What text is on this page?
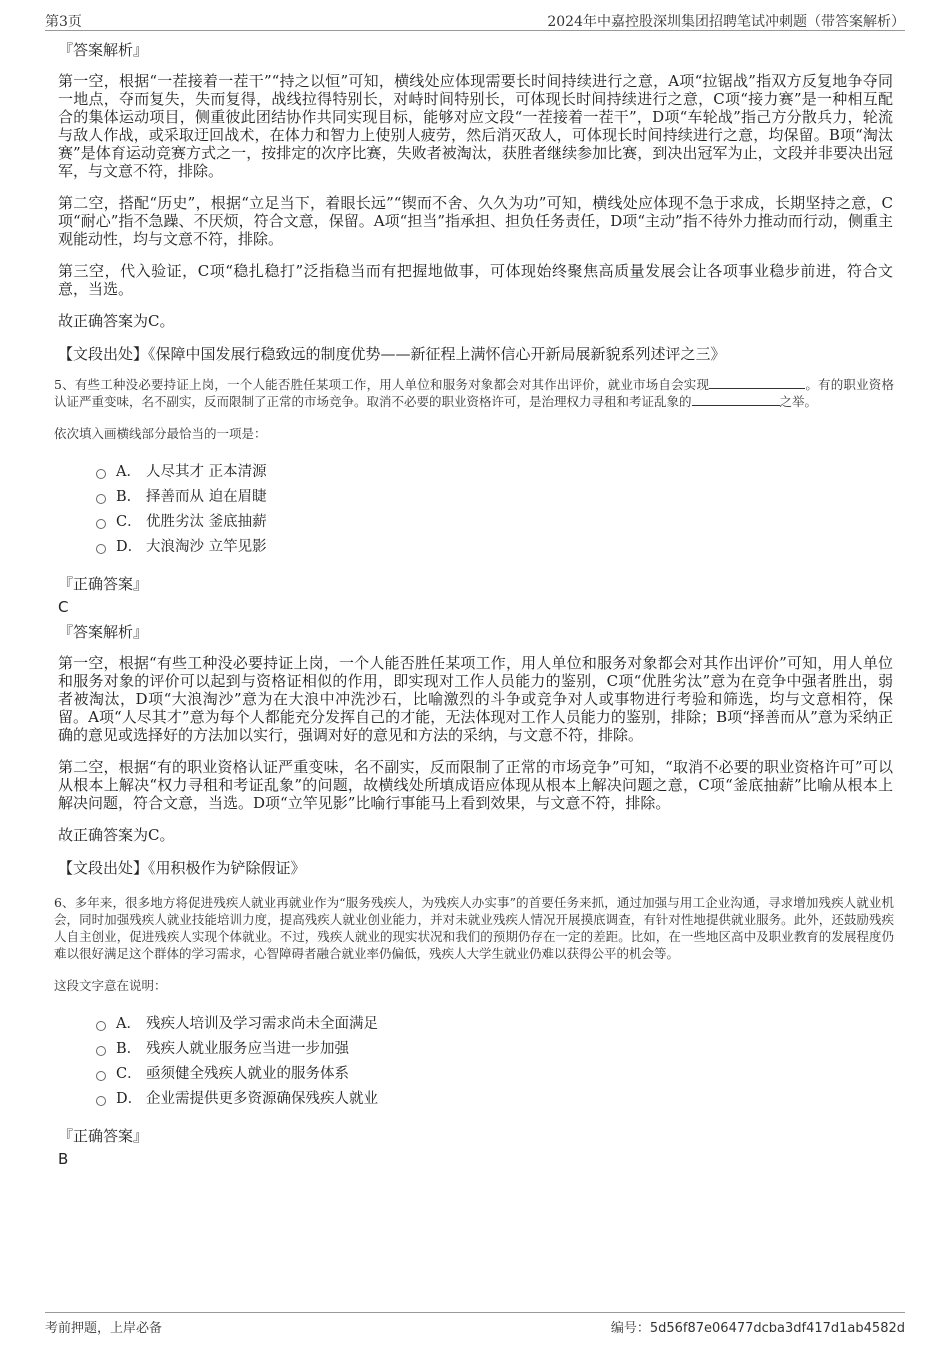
第3页	2024年中嘉控股深圳集团招聘笔试冲刺题（带答案解析）
『答案解析』

第一空，根据“一茬接着一茬干”“持之以恒”可知，横线处应体现需要长时间持续进行之意，A项“拉锯战”指双方反复地争夺同一地点，夺而复失，失而复得，战线拉得特别长，对峙时间特别长，可体现长时间持续进行之意，C项“接力赛”是一种相互配合的集体运动项目，侧重彼此团结协作共同实现目标，能够对应文段“一茬接着一茬干”，D项“车轮战”指己方分散兵力，轮流与敌人作战，或采取迂回战术，在体力和智力上使别人疲劳，然后消灭敌人，可体现长时间持续进行之意，均保留。B项“淘汰赛”是体育运动竞赛方式之一，按排定的次序比赛，失败者被淘汰，获胜者继续参加比赛，到决出冠军为止，文段并非要决出冠军，与文意不符，排除。

第二空，搭配“历史”，根据“立足当下，着眼长远”“锲而不舍、久久为功”可知，横线处应体现不急于求成，长期坚持之意，C项“耐心”指不急躁、不厌烦，符合文意，保留。A项“担当”指承担、担负任务责任，D项“主动”指不待外力推动而行动，侧重主观能动性，均与文意不符，排除。

第三空，代入验证，C项“稳扎稳打”泛指稳当而有把握地做事，可体现始终聚焦高质量发展会让各项事业稳步前进，符合文意，当选。

故正确答案为C。

【文段出处】《保障中国发展行稳致远的制度优势——新征程上满怀信心开新局展新貌系列述评之三》
5、有些工种没必要持证上岗，一个人能否胜任某项工作，用人单位和服务对象都会对其作出评价，就业市场自会实现	。有的职业资格认证严重变味，名不副实，反而限制了正常的市场竞争。取消不必要的职业资格许可，是治理权力寻租和考证乱象的	之举。
依次填入画横线部分最恰当的一项是：
A． 人尽其才 正本清源
B． 择善而从 迫在眉睫
C． 优胜劣汰 釜底抽薪
D． 大浪淘沙 立竿见影
『正确答案』
C
『答案解析』

第一空，根据“有些工种没必要持证上岗，一个人能否胜任某项工作，用人单位和服务对象都会对其作出评价”可知，用人单位和服务对象的评价可以起到与资格证相似的作用，即实现对工作人员能力的鉴别，C项“优胜劣汰”意为在竞争中强者胜出，弱者被淘汰，D项“大浪淘沙”意为在大浪中冲洗沙石，比喻激烈的斗争或竞争对人或事物进行考验和筛选，均与文意相符，保留。A项“人尽其才”意为每个人都能充分发挥自己的才能，无法体现对工作人员能力的鉴别，排除；B项“择善而从”意为采纳正确的意见或选择好的方法加以实行，强调对好的意见和方法的采纳，与文意不符，排除。

第二空，根据“有的职业资格认证严重变味，名不副实，反而限制了正常的市场竞争”可知，“取消不必要的职业资格许可”可以从根本上解决“权力寻租和考证乱象”的问题，故横线处所填成语应体现从根本上解决问题之意，C项“釜底抽薪”比喻从根本上解决问题，符合文意，当选。D项“立竿见影”比喻行事能马上看到效果，与文意不符，排除。

故正确答案为C。

【文段出处】《用积极作为铲除假证》
6、多年来，很多地方将促进残疾人就业再就业作为“服务残疾人，为残疾人办实事”的首要任务来抓，通过加强与用工企业沟通，寻求增加残疾人就业机会，同时加强残疾人就业技能培训力度，提高残疾人就业创业能力，并对未就业残疾人情况开展摸底调查，有针对性地提供就业服务。此外，还鼓励残疾人自主创业，促进残疾人实现个体就业。不过，残疾人就业的现实状况和我们的预期仍存在一定的差距。比如，在一些地区高中及职业教育的发展程度仍难以很好满足这个群体的学习需求，心智障碍者融合就业率仍偏低，残疾人大学生就业仍难以获得公平的机会等。
这段文字意在说明：
A． 残疾人培训及学习需求尚未全面满足
B． 残疾人就业服务应当进一步加强
C． 亟须健全残疾人就业的服务体系
D． 企业需提供更多资源确保残疾人就业
『正确答案』
B
考前押题，上岸必备	编号：5d56f87e06477dcba3df417d1ab4582d
